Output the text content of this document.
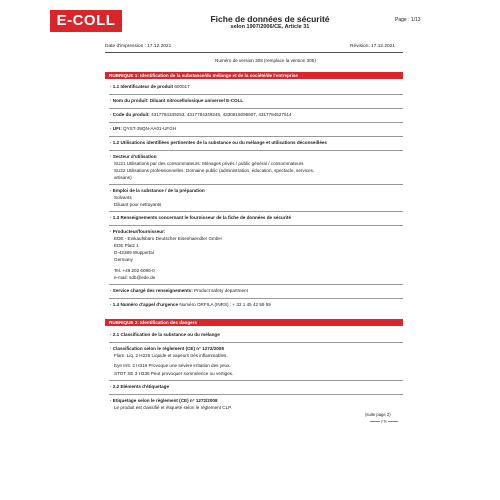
E-COLL	Fiche de données de sécurité
selon 1907/2006/CE, Article 31
Page : 1/13
Date d'impression : 17.12.2021	Révision: 17.12.2021
Numéro de version 308 (remplace la version 305)
RUBRIQUE 1: Identification de la substance/du mélange et de la société/de l'entreprise
· 1.1 Identificateur de produit 600017
· Nom du produit: Diluant nitrocellulosique universel E-COLL
· Code du produit: 4317784349253, 4317784349246, 4330816095907, 4317784527514
· UFI: QYST-39QN-AA01-UFGH
· 1.2 Utilisations identifiées pertinentes de la substance ou du mélange et utilisations déconseillées
· Secteur d'utilisation
SU21 Utilisations par des consommateurs: Ménages privés / public général / consommateurs
SU22 Utilisations professionnelles: Domaine public (administration, éducation, spectacle, services,
artisans)
· Emploi de la substance / de la préparation
Solvants
Diluant pour nettoyants
· 1.3 Renseignements concernant le fournisseur de la fiche de données de sécurité
· Producteur/fournisseur:
EDE - Einkaufsbüro Deutscher Eisenhaendler GmbH
EDE Platz 1
D-42389 Wuppertal
Germany
Tel. +49 202 6096-0
e-mail: sdb@ede.de
· Service chargé des renseignements: Product safety department
· 1.4 Numéro d'appel d'urgence Numéro ORFILA (INRS) : + 33 1 45 42 59 59
RUBRIQUE 2: Identification des dangers
· 2.1 Classification de la substance ou du mélange
· Classification selon le règlement (CE) n° 1272/2008
Flam. Liq. 2 H225 Liquide et vapeurs très inflammables.
Eye Irrit. 2 H319 Provoque une sévère irritation des yeux.
STOT SE 3 H336 Peut provoquer somnolence ou vertiges.
· 2.2 Eléments d'étiquetage
· Etiquetage selon le règlement (CE) n° 1272/2008
Le produit est classifié et étiqueté selon le règlement CLP.
(suite page 2)
FR
